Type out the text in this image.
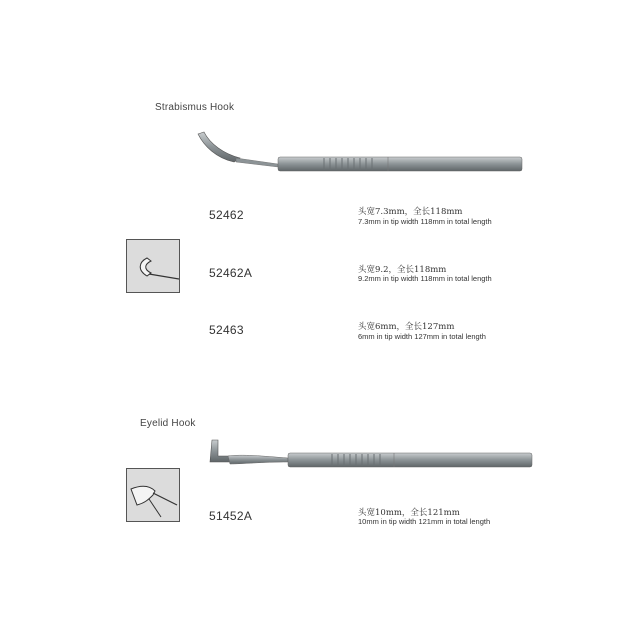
Strabismus Hook
52462	头宽7.3mm，全长118mm
7.3mm in tip width 118mm in total length
52462A	头宽9.2，全长118mm
9.2mm in tip width 118mm in total length
52463	头宽6mm，全长127mm
6mm in tip width 127mm in total length
Eyelid Hook
51452A	头宽10mm，全长121mm
10mm in tip width 121mm in total length
